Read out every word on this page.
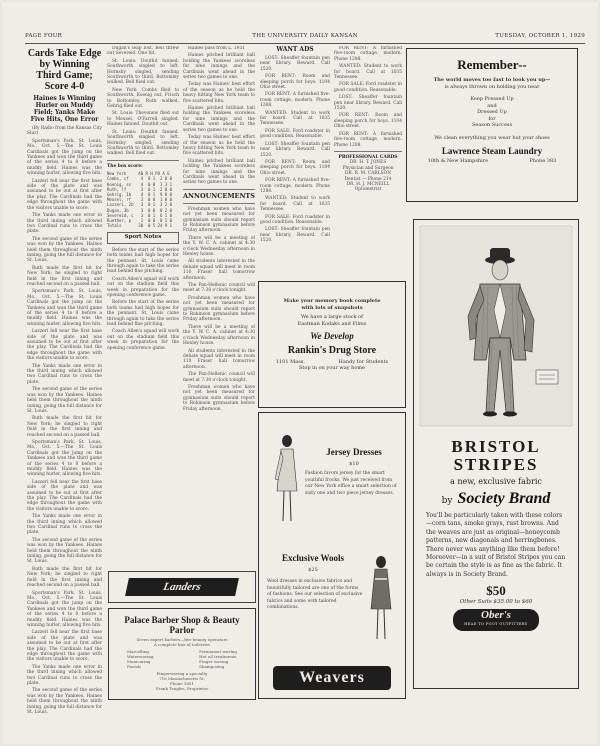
PAGE FOUR	THE UNIVERSITY DAILY KANSAN	TUESDAY, OCTOBER 1, 1929
Cards Take Edge by Winning Third Game; Score 4-0
Haines Is Winning Hurler on Muddy Field; Yanks Make Five Hits, One Error

(By Radio from the Kansas City Star)

Sportsman's Park, St. Louis, Mo., Oct. 5.—The St. Louis Cardinals got the jump on the Yankees and won the third game of the series 4 to 0 before a muddy field. Haines was the winning hurler, allowing five hits.

Lazzeri fell near the first base side of the plate and was assumed to be out at first after the play. The Cardinals had the edge throughout the game with the visitors unable to score.

The Yanks made one error in the third inning which allowed two Cardinal runs to cross the plate.

The second game of the series was won by the Yankees. Haines held them throughout the ninth inning, going the full distance for St. Louis.

Ruth made the first hit for New York; he singled to right field in the first inning and reached second on a passed ball.

Sportsman's Park, St. Louis, Mo., Oct. 5.—The St. Louis Cardinals got the jump on the Yankees and won the third game of the series 4 to 0 before a muddy field. Haines was the winning hurler, allowing five hits.

Lazzeri fell near the first base side of the plate and was assumed to be out at first after the play. The Cardinals had the edge throughout the game with the visitors unable to score.

The Yanks made one error in the third inning which allowed two Cardinal runs to cross the plate.

The second game of the series was won by the Yankees. Haines held them throughout the ninth inning, going the full distance for St. Louis.

Ruth made the first hit for New York; he singled to right field in the first inning and reached second on a passed ball.

Sportsman's Park, St. Louis, Mo., Oct. 5.—The St. Louis Cardinals got the jump on the Yankees and won the third game of the series 4 to 0 before a muddy field. Haines was the winning hurler, allowing five hits.

Lazzeri fell near the first base side of the plate and was assumed to be out at first after the play. The Cardinals had the edge throughout the game with the visitors unable to score.

The Yanks made one error in the third inning which allowed two Cardinal runs to cross the plate.

The second game of the series was won by the Yankees. Haines held them throughout the ninth inning, going the full distance for St. Louis.

Ruth made the first hit for New York; he singled to right field in the first inning and reached second on a passed ball.

Sportsman's Park, St. Louis, Mo., Oct. 5.—The St. Louis Cardinals got the jump on the Yankees and won the third game of the series 4 to 0 before a muddy field. Haines was the winning hurler, allowing five hits.

Lazzeri fell near the first base side of the plate and was assumed to be out at first after the play. The Cardinals had the edge throughout the game with the visitors unable to score.

The Yanks made one error in the third inning which allowed two Cardinal runs to cross the plate.

The second game of the series was won by the Yankees. Haines held them throughout the ninth inning, going the full distance for St. Louis.

Dugan's leap lost. Bell threw out Severeid. One hit.

St. Louis: Douthit fanned. Southworth singled to left. Hornsby singled, sending Southworth to third. Bottomley walked. Bell flied out.

New York: Combs flied to Southworth. Koenig out, Frisch to Bottomley. Ruth walked. Gehrig flied out.

St. Louis: Thevenow flied out to Meusel. O'Farrell singled. Haines fanned. Douthit out.

St. Louis: Douthit fanned. Southworth singled to left. Hornsby singled, sending Southworth to third. Bottomley walked. Bell flied out.

The box score:
New York     AB R H PO A E
Combs, cf     4  0 1  2 0 0
Koenig, ss    4  0 0  1 3 1
Ruth, lf      3  0 1  2 0 0
Gehrig, 1b    4  0 1  9 0 0
Meusel, rf    3  0 0  1 0 0
Lazzeri, 2b   3  0 1  3 2 0
Dugan, 3b     3  0 0  0 2 0
Severeid, c   3  0 1  6 1 0
Ruether, p    2  0 0  0 1 0
Totals       30  0 5 24 9 1
Sport Notes

Before the start of the series both teams had high hopes for the pennant. St. Louis came through again to take the series lead behind fine pitching.

Coach Allen's squad will work out on the stadium field this week in preparation for the opening conference game.

Before the start of the series both teams had high hopes for the pennant. St. Louis came through again to take the series lead behind fine pitching.

Coach Allen's squad will work out on the stadium field this week in preparation for the opening conference game.

Haines pass from L. 1951

Haines pitched brilliant ball holding the Yankees scoreless for nine innings and the Cardinals went ahead in the series two games to one.

Today was Haines' best effort of the season as he held the heavy hitting New York team to five scattered hits.

Haines pitched brilliant ball holding the Yankees scoreless for nine innings and the Cardinals went ahead in the series two games to one.

Today was Haines' best effort of the season as he held the heavy hitting New York team to five scattered hits.

Haines pitched brilliant ball holding the Yankees scoreless for nine innings and the Cardinals went ahead in the series two games to one.

ANNOUNCEMENTS

Freshman women who have not yet been measured for gymnasium suits should report to Robinson gymnasium before Friday afternoon.

There will be a meeting of the Y. W. C. A. cabinet at 4:30 o'clock Wednesday afternoon in Henley house.

All students interested in the debate squad will meet in room 110 Fraser hall tomorrow afternoon.

The Pan-Hellenic council will meet at 7:30 o'clock tonight.

Freshman women who have not yet been measured for gymnasium suits should report to Robinson gymnasium before Friday afternoon.

There will be a meeting of the Y. W. C. A. cabinet at 4:30 o'clock Wednesday afternoon in Henley house.

All students interested in the debate squad will meet in room 110 Fraser hall tomorrow afternoon.

The Pan-Hellenic council will meet at 7:30 o'clock tonight.

Freshman women who have not yet been measured for gymnasium suits should report to Robinson gymnasium before Friday afternoon.

WANT ADS

LOST: Sheaffer fountain pen near library. Reward. Call 1520.

FOR RENT: Room and sleeping porch for boys. 1104 Ohio street.

FOR RENT: A furnished five-room cottage, modern. Phone 1288.

WANTED: Student to work for board. Call at 1035 Tennessee.

FOR SALE: Ford roadster in good condition. Reasonable.

LOST: Sheaffer fountain pen near library. Reward. Call 1520.

FOR RENT: Room and sleeping porch for boys. 1104 Ohio street.

FOR RENT: A furnished five-room cottage, modern. Phone 1288.

WANTED: Student to work for board. Call at 1035 Tennessee.

FOR SALE: Ford roadster in good condition. Reasonable.

LOST: Sheaffer fountain pen near library. Reward. Call 1520.

FOR RENT: A furnished five-room cottage, modern. Phone 1288.

WANTED: Student to work for board. Call at 1035 Tennessee.

FOR SALE: Ford roadster in good condition. Reasonable.

LOST: Sheaffer fountain pen near library. Reward. Call 1520.

FOR RENT: Room and sleeping porch for boys. 1104 Ohio street.

FOR RENT: A furnished five-room cottage, modern. Phone 1288.

PROFESSIONAL CARDS
DR. H. T. JONES
Physician and Surgeon
DR. R. M. CARLSON
Dentist — Phone 214
DR. H. J. MCNEILL
Optometrist
Remember--
The world moves too fast to look you up—
is always thrown on holding you near
Keep Pressed Up
and
Dressed Up
for
Season Success
We clean everything you wear but your shoes
Lawrence Steam Laundry
10th & New Hampshire	Phone 383
BRISTOL
STRIPES
a new, exclusive fabric
by Society Brand
You'll be particularly taken with these colors—corn tans, smoke grays, rust browns. And the weaves are just as original—honeycomb patterns, new diagonals and herringbones. There never was anything like them before! Moreover—in a suit of Bristol Stripes you can be certain the style is as fine as the fabric. It always is in Society Brand.
$50
Other Suits $35.00 to $60
Ober's
HEAD TO FOOT OUTFITTERS
Make your memory book complete
with lots of snapshots
We have a large stock of
Eastman Kodaks and Films
We Develop
Rankin's Drug Store
1101 Mass.	Handy for Students
Stop in on your way home
Jersey Dresses
$10
Fashion favors jersey for the smart youthful frocks. We just received from our New York office a smart selection of sixty one and two piece jersey dresses.
Exclusive Wools
$25
Wool dresses in exclusive fabrics and beautifully tailored are one of the forms of fashions. See our selection of exclusive fabrics and some with tailored combinations.
Weavers
Landers
Palace Barber Shop & Beauty Parlor
Seven expert barbers—five beauty operators
A complete line of toiletries
Marcelling
Waterwaving
Manicuring
Facials
Permanent waving
Hot oil treatments
Finger waving
Shampooing
Fingerwaving a specialty
716 Massachusetts St.
Phone 1851
Frank Teagles, Proprietor
